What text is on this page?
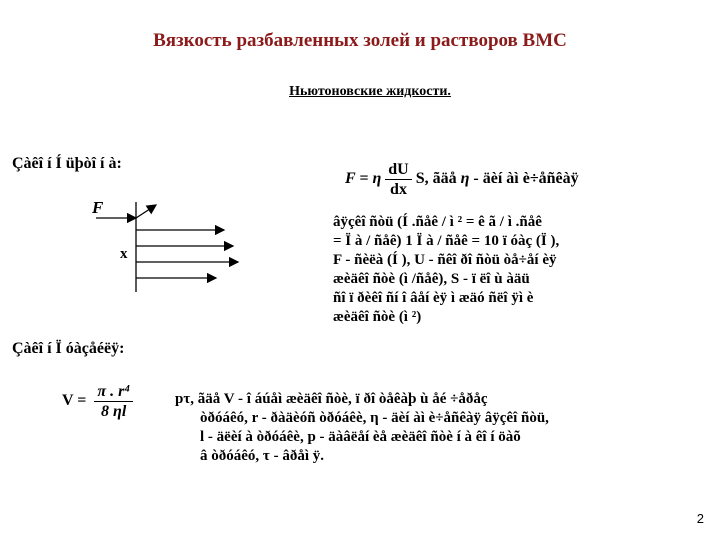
Вязкость разбавленных золей и растворов ВМС
Ньютоновские жидкости.
Çàêî í Í üþòî í à:
F
x
F = η $\frac{dU}{dx} S$, ãäå η - äèí àì è÷åñêàÿ
âÿçêî ñòü (Í .ñåê / ì ² = ê ã / ì .ñåê
= Ï à / ñåê) 1 Ï à / ñåê = 10 ï óàç (Ï ),
F - ñèëà (Í ), U - ñêî ðî ñòü òå÷åí èÿ
æèäêî ñòè (ì /ñåê), S - ï ëî ù àäü
ñî ï ðèêî ñí î âåí èÿ ì æäó ñëî ÿì è
æèäêî ñòè (ì ²)
Çàêî í Ï óàçåéëÿ:
$V = \frac{\text{π . r⁴}}{8 \eta l}$	pτ, ãäå V - î áúåì æèäêî ñòè, ï ðî òåêàþ ù åé ÷åðåç
òðóáêó, r - ðàäèóñ òðóáêè, η - äèí àì è÷åñêàÿ âÿçêî ñòü,
l - äëèí à òðóáêè, p - äàâëåí èå æèäêî ñòè í à êî í öàõ
â òðóáêó, τ - âðåì ÿ.
2
